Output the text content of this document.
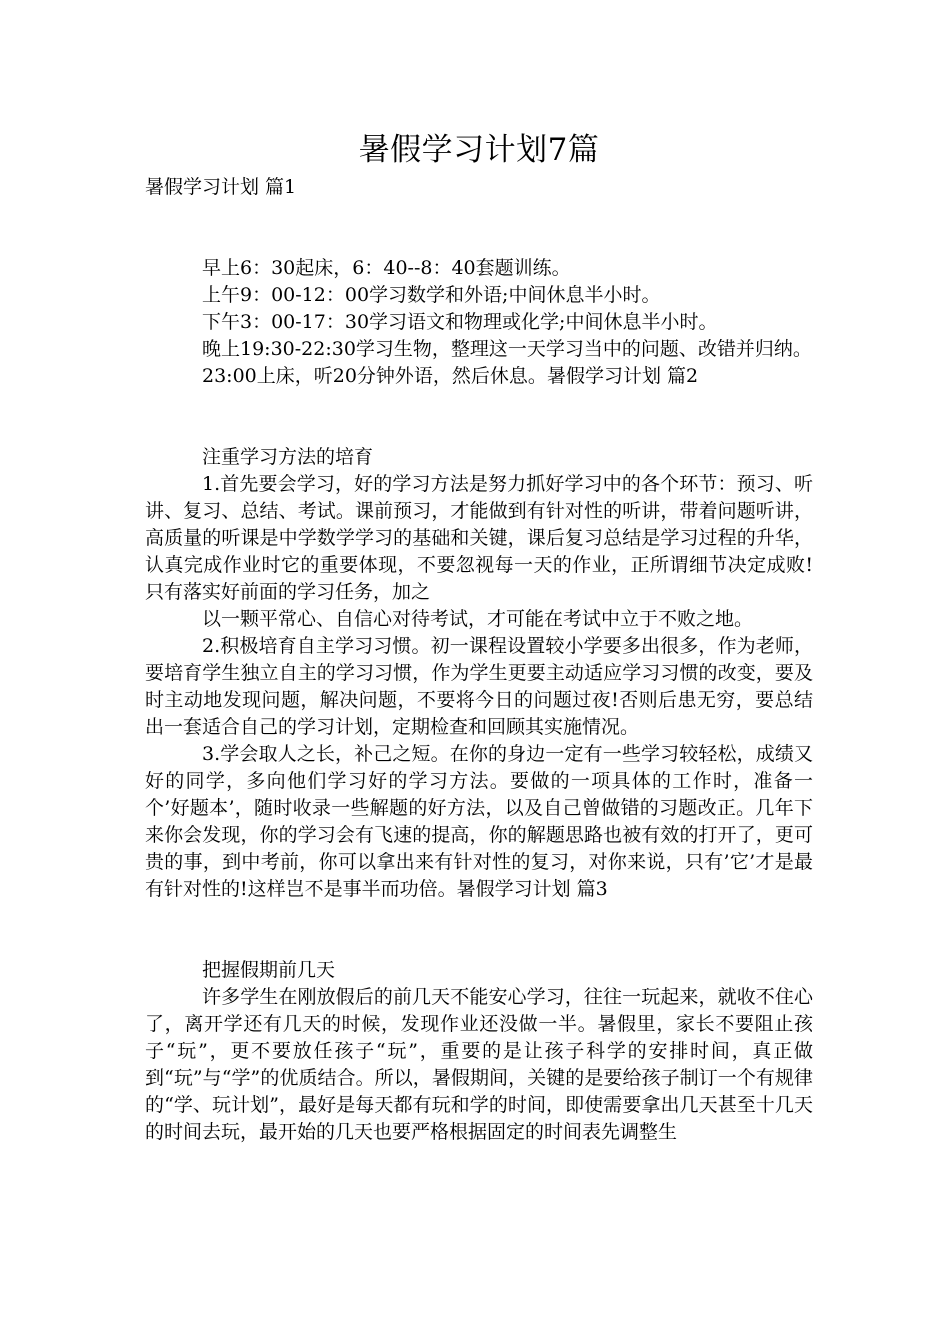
暑假学习计划7篇
暑假学习计划 篇1

早上6：30起床，6：40--8：40套题训练。

上午9：00-12：00学习数学和外语;中间休息半小时。

下午3：00-17：30学习语文和物理或化学;中间休息半小时。

晚上19:30-22:30学习生物，整理这一天学习当中的问题、改错并归纳。

23:00上床，听20分钟外语，然后休息。暑假学习计划 篇2

注重学习方法的培育

1.首先要会学习，好的学习方法是努力抓好学习中的各个环节：预习、听讲、复习、总结、考试。课前预习，才能做到有针对性的听讲，带着问题听讲，高质量的听课是中学数学学习的基础和关键，课后复习总结是学习过程的升华，认真完成作业时它的重要体现，不要忽视每一天的作业，正所谓细节决定成败!只有落实好前面的学习任务，加之

以一颗平常心、自信心对待考试，才可能在考试中立于不败之地。

2.积极培育自主学习习惯。初一课程设置较小学要多出很多，作为老师，要培育学生独立自主的学习习惯，作为学生更要主动适应学习习惯的改变，要及时主动地发现问题，解决问题，不要将今日的问题过夜!否则后患无穷，要总结出一套适合自己的学习计划，定期检查和回顾其实施情况。

3.学会取人之长，补己之短。在你的身边一定有一些学习较轻松，成绩又好的同学，多向他们学习好的学习方法。要做的一项具体的工作时，准备一个’好题本’，随时收录一些解题的好方法，以及自己曾做错的习题改正。几年下来你会发现，你的学习会有飞速的提高，你的解题思路也被有效的打开了，更可贵的事，到中考前，你可以拿出来有针对性的复习，对你来说，只有’它’才是最有针对性的!这样岂不是事半而功倍。暑假学习计划 篇3

把握假期前几天

许多学生在刚放假后的前几天不能安心学习，往往一玩起来，就收不住心了，离开学还有几天的时候，发现作业还没做一半。暑假里，家长不要阻止孩子“玩”，更不要放任孩子“玩”，重要的是让孩子科学的安排时间，真正做到“玩”与“学”的优质结合。所以，暑假期间，关键的是要给孩子制订一个有规律的“学、玩计划”，最好是每天都有玩和学的时间，即使需要拿出几天甚至十几天的时间去玩，最开始的几天也要严格根据固定的时间表先调整生
